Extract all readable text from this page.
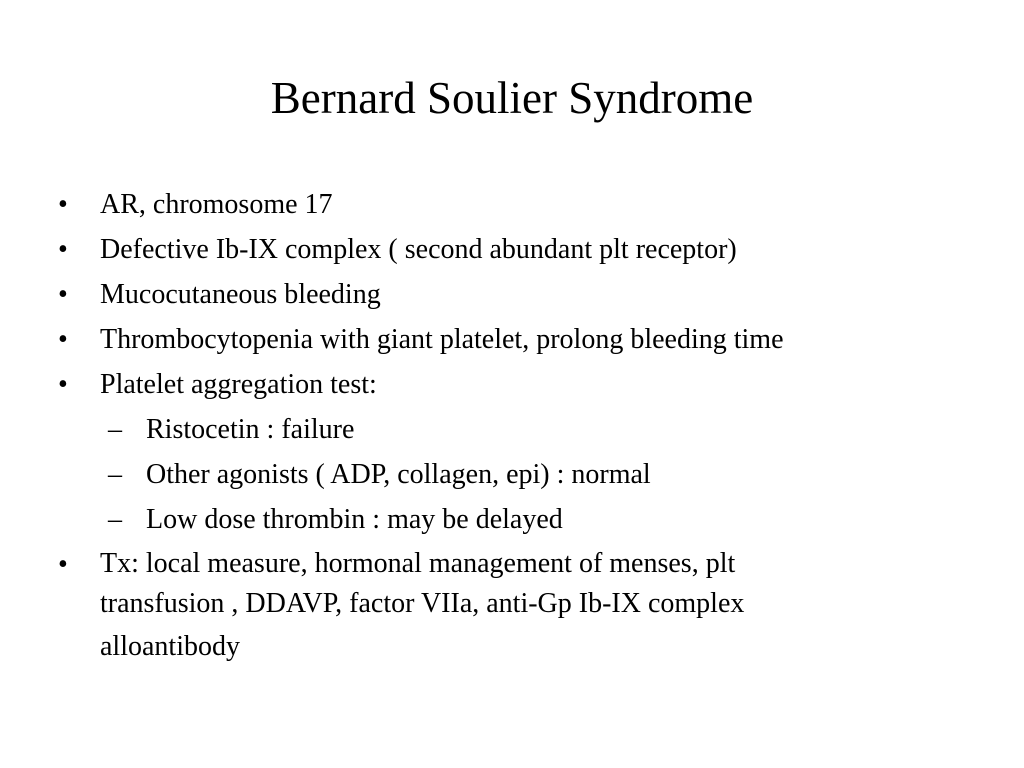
Bernard Soulier Syndrome
•	AR, chromosome 17
•	Defective Ib-IX complex ( second abundant plt receptor)
•	Mucocutaneous bleeding
•	Thrombocytopenia with giant platelet, prolong bleeding time
•	Platelet aggregation test:
– Ristocetin : failure
– Other agonists ( ADP, collagen, epi) : normal
– Low dose thrombin : may be delayed
•	Tx: local measure, hormonal management of menses, plt
transfusion , DDAVP, factor VIIa, anti-Gp Ib-IX complex
alloantibody
